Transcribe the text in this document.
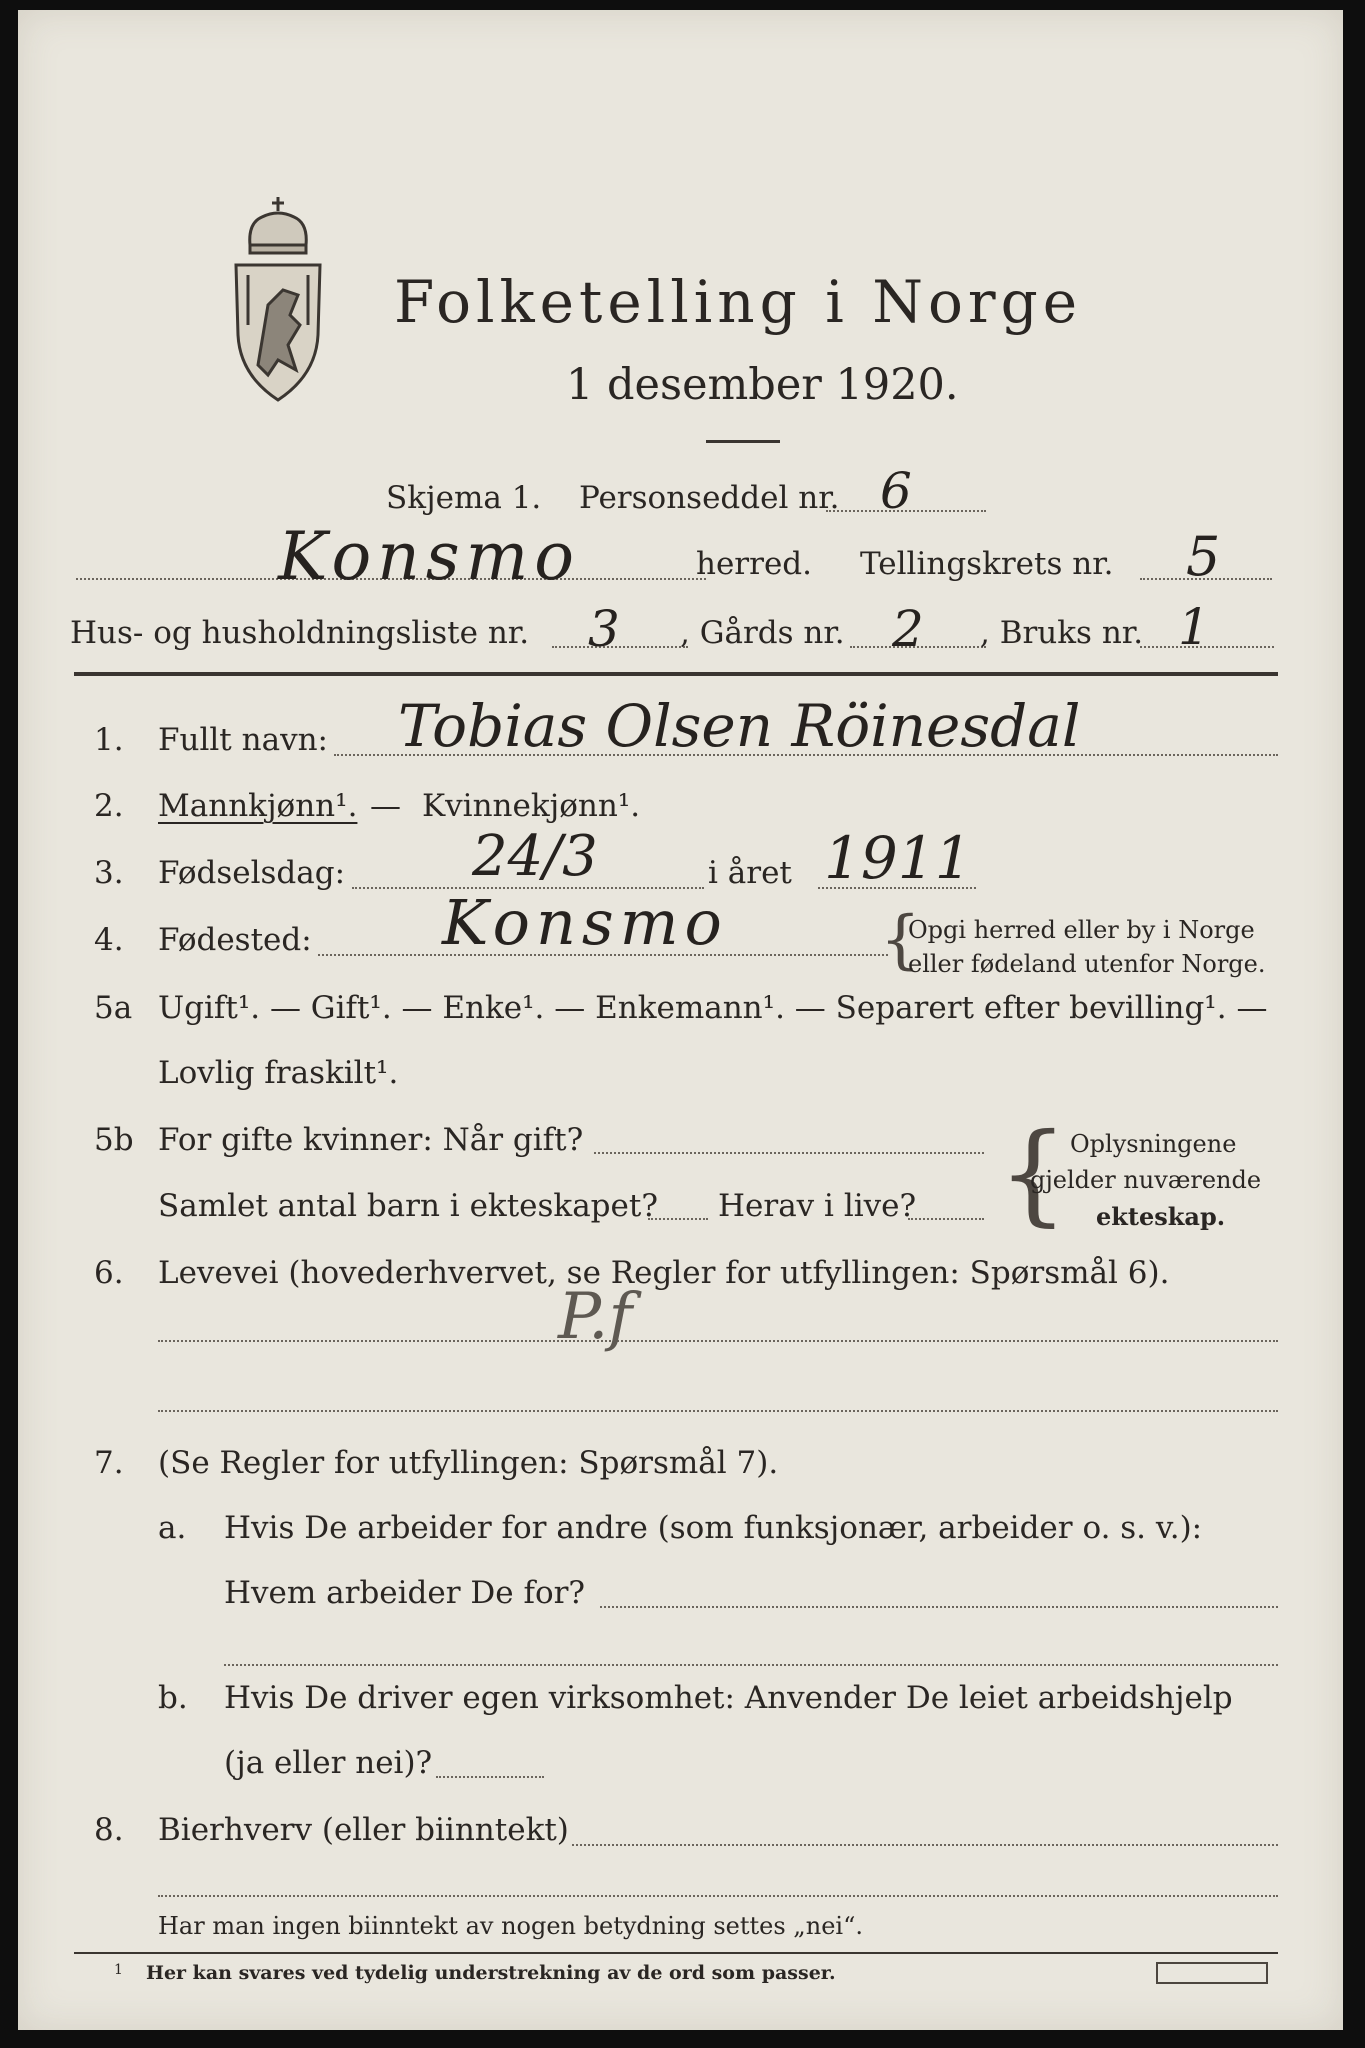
Folketelling i Norge
1 desember 1920.
Skjema 1. Personseddel nr. 6
Konsmo	herred. Tellingskrets nr. 5
Hus- og husholdningsliste nr. 3 , Gårds nr. 2 , Bruks nr. 1
1. Fullt navn: Tobias Olsen Röinesdal
2. Mannkjønn¹. — Kvinnekjønn¹.
3. Fødselsdag: 24/3	i året 1911
4. Fødested: Konsmo {
Opgi herred eller by i Norge
eller fødeland utenfor Norge.
5a Ugift¹. — Gift¹. — Enke¹. — Enkemann¹. — Separert efter bevilling¹. —
Lovlig fraskilt¹.
5b For gifte kvinner: Når gift?
Samlet antal barn i ekteskapet? Herav i live? { Oplysningene
gjelder nuværende
ekteskap.
6. Levevei (hovederhvervet, se Regler for utfyllingen: Spørsmål 6).
P.f
7. (Se Regler for utfyllingen: Spørsmål 7).
a. Hvis De arbeider for andre (som funksjonær, arbeider o. s. v.):
Hvem arbeider De for?
b. Hvis De driver egen virksomhet: Anvender De leiet arbeidshjelp
(ja eller nei)?
8. Bierhverv (eller biinntekt)
Har man ingen biinntekt av nogen betydning settes „nei“.
1 Her kan svares ved tydelig understrekning av de ord som passer.
